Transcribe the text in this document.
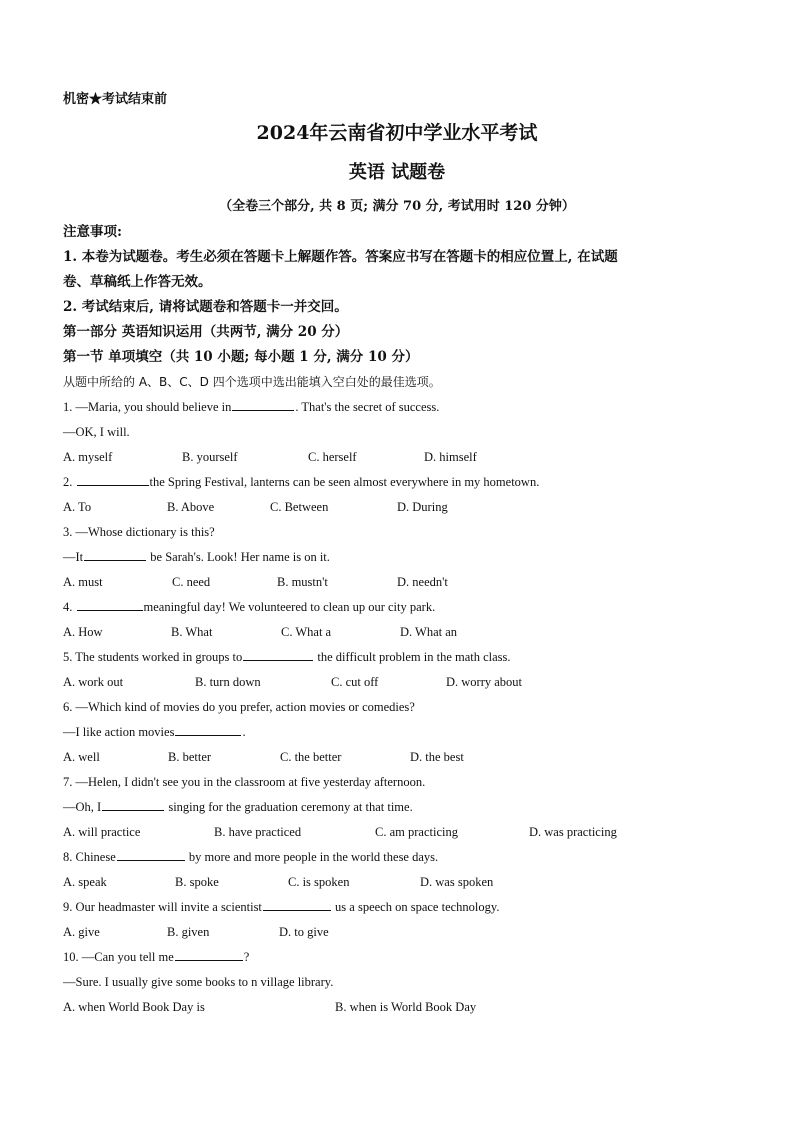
机密★考试结束前
2024年云南省初中学业水平考试
英语 试题卷
（全卷三个部分, 共 8 页; 满分 70 分, 考试用时 120 分钟）
注意事项:
1. 本卷为试题卷。考生必须在答题卡上解题作答。答案应书写在答题卡的相应位置上, 在试题
卷、草稿纸上作答无效。
2. 考试结束后, 请将试题卷和答题卡一并交回。
第一部分 英语知识运用（共两节, 满分 20 分）
第一节 单项填空（共 10 小题; 每小题 1 分, 满分 10 分）
从题中所给的 A、B、C、D 四个选项中选出能填入空白处的最佳选项。
1. —Maria, you should believe in	. That's the secret of success.
—OK, I will.
A. myself	B. yourself	C. herself	D. himself
2.	the Spring Festival, lanterns can be seen almost everywhere in my hometown.
A. To	B. Above	C. Between	D. During
3. —Whose dictionary is this?
—It	be Sarah's. Look! Her name is on it.
A. must	C. need	B. mustn't	D. needn't
4.	meaningful day! We volunteered to clean up our city park.
A. How	B. What	C. What a	D. What an
5. The students worked in groups to	the difficult problem in the math class.
A. work out	B. turn down	C. cut off	D. worry about
6. —Which kind of movies do you prefer, action movies or comedies?
—I like action movies	.
A. well	B. better	C. the better	D. the best
7. —Helen, I didn't see you in the classroom at five yesterday afternoon.
—Oh, I	singing for the graduation ceremony at that time.
A. will practice	B. have practiced	C. am practicing	D. was practicing
8. Chinese	by more and more people in the world these days.
A. speak	B. spoke	C. is spoken	D. was spoken
9. Our headmaster will invite a scientist	us a speech on space technology.
A. give	B. given	D. to give
10. —Can you tell me	?
—Sure. I usually give some books to n village library.
A. when World Book Day is	B. when is World Book Day
